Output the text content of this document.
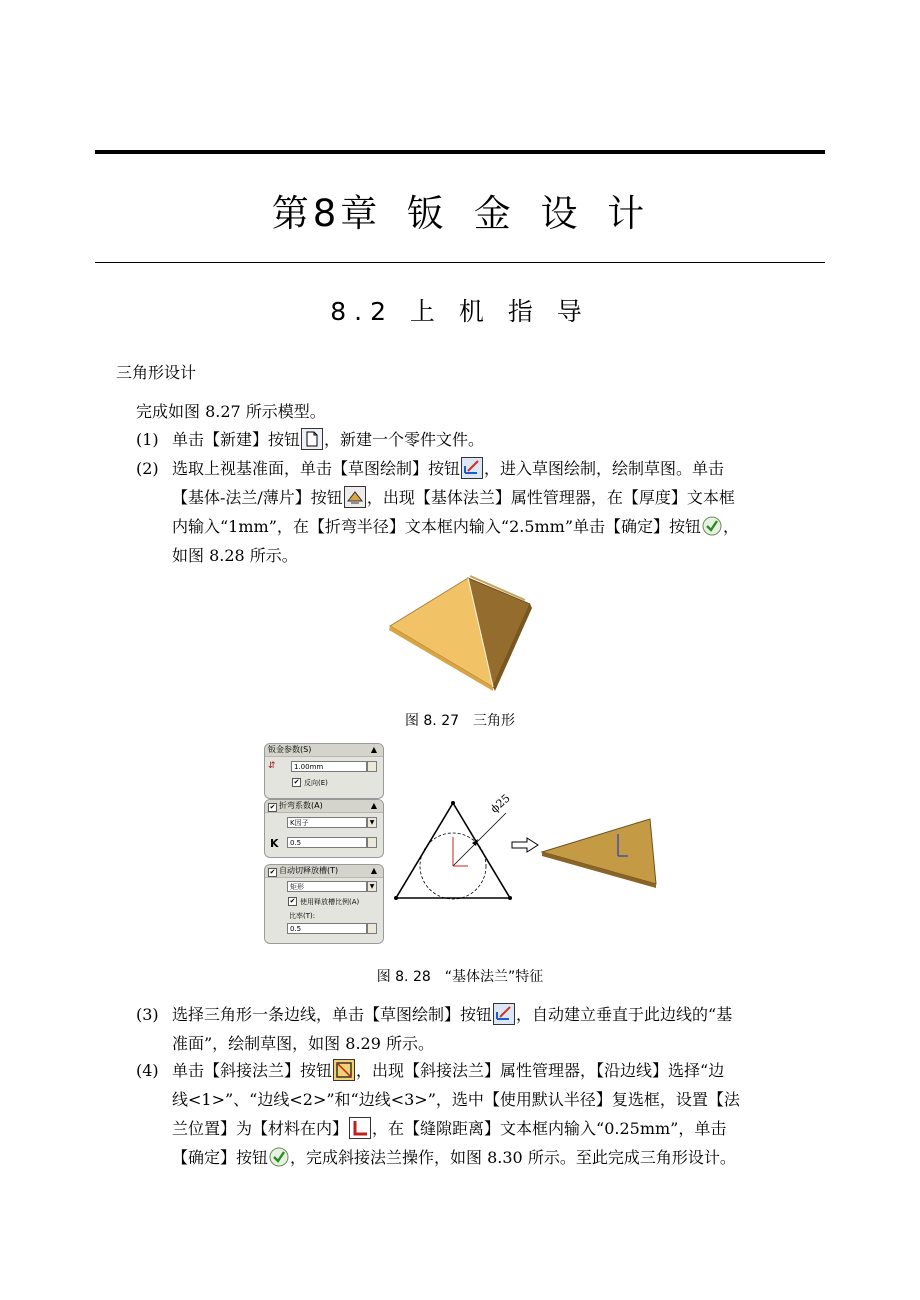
第8章 钣 金 设 计
8.2 上 机 指 导
三角形设计
完成如图 8.27 所示模型。
(1) 单击【新建】按钮 ，新建一个零件文件。
(2) 选取上视基准面，单击【草图绘制】按钮 ，进入草图绘制，绘制草图。单击
【基体-法兰/薄片】按钮 ，出现【基体法兰】属性管理器，在【厚度】文本框
内输入“1mm”，在【折弯半径】文本框内输入“2.5mm”单击【确定】按钮 ，
如图 8.28 所示。
图 8. 27　三角形
钣金参数(S)	▲
⇵	1.00mm
✔ 反向(E)
✔ 折弯系数(A)	▲
K因子	▼
K	0.5
✔ 自动切释放槽(T)	▲
矩形	▼
✔ 使用释放槽比例(A)
比率(T):
0.5
ϕ25
图 8. 28　“基体法兰”特征
(3) 选择三角形一条边线，单击【草图绘制】按钮 ，自动建立垂直于此边线的“基
准面”，绘制草图，如图 8.29 所示。
(4) 单击【斜接法兰】按钮 ，出现【斜接法兰】属性管理器，【沿边线】选择“边
线<1>”、“边线<2>”和“边线<3>”，选中【使用默认半径】复选框，设置【法
兰位置】为【材料在内】 ，在【缝隙距离】文本框内输入“0.25mm”，单击
【确定】按钮 ，完成斜接法兰操作，如图 8.30 所示。至此完成三角形设计。
